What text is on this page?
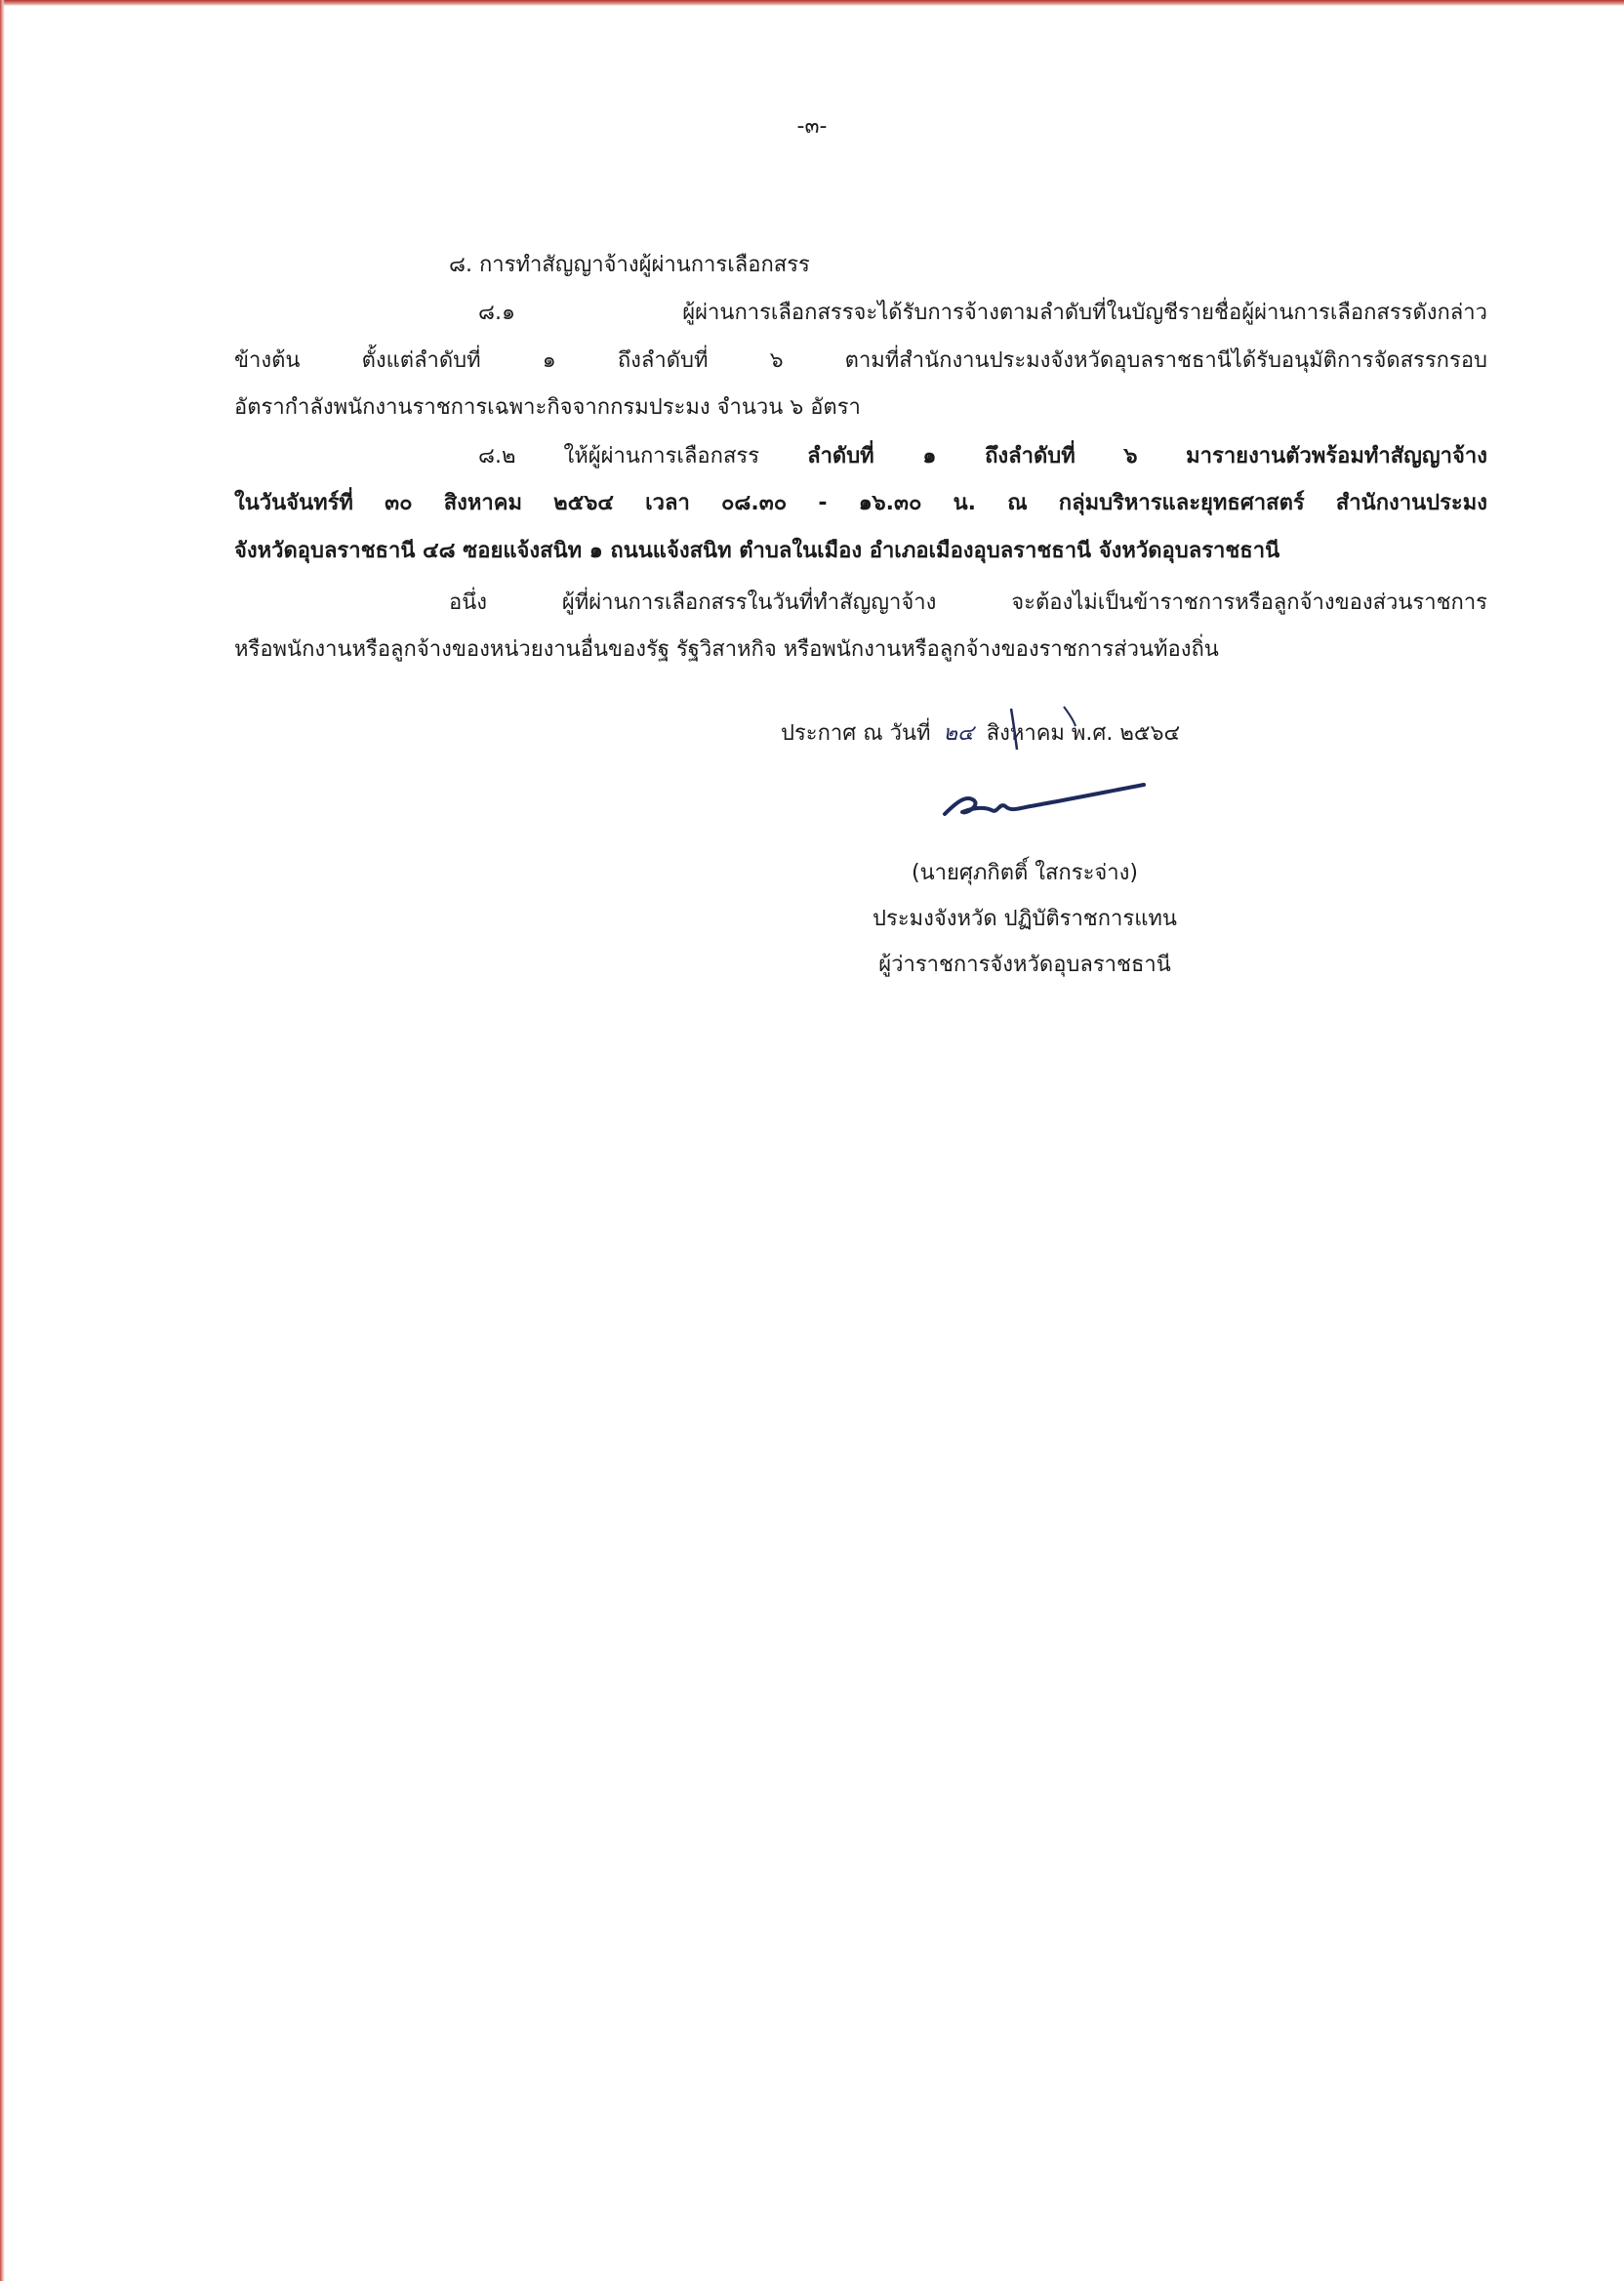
-๓-
๘. การทำสัญญาจ้างผู้ผ่านการเลือกสรร
๘.๑ ผู้ผ่านการเลือกสรรจะได้รับการจ้างตามลำดับที่ในบัญชีรายชื่อผู้ผ่านการเลือกสรรดังกล่าว
ข้างต้น ตั้งแต่ลำดับที่ ๑ ถึงลำดับที่ ๖ ตามที่สำนักงานประมงจังหวัดอุบลราชธานีได้รับอนุมัติการจัดสรรกรอบ
อัตรากำลังพนักงานราชการเฉพาะกิจจากกรมประมง จำนวน ๖ อัตรา
๘.๒ ให้ผู้ผ่านการเลือกสรร ลำดับที่ ๑ ถึงลำดับที่ ๖ มารายงานตัวพร้อมทำสัญญาจ้าง
ในวันจันทร์ที่ ๓๐ สิงหาคม ๒๕๖๔ เวลา ๐๘.๓๐ - ๑๖.๓๐ น. ณ กลุ่มบริหารและยุทธศาสตร์ สำนักงานประมง
จังหวัดอุบลราชธานี ๔๘ ซอยแจ้งสนิท ๑ ถนนแจ้งสนิท ตำบลในเมือง อำเภอเมืองอุบลราชธานี จังหวัดอุบลราชธานี
อนึ่ง ผู้ที่ผ่านการเลือกสรรในวันที่ทำสัญญาจ้าง จะต้องไม่เป็นข้าราชการหรือลูกจ้างของส่วนราชการ
หรือพนักงานหรือลูกจ้างของหน่วยงานอื่นของรัฐ รัฐวิสาหกิจ หรือพนักงานหรือลูกจ้างของราชการส่วนท้องถิ่น
ประกาศ ณ วันที่ ๒๔ สิงหาคม พ.ศ. ๒๕๖๔
(นายศุภกิตติ์ ใสกระจ่าง)
ประมงจังหวัด ปฏิบัติราชการแทน
ผู้ว่าราชการจังหวัดอุบลราชธานี
